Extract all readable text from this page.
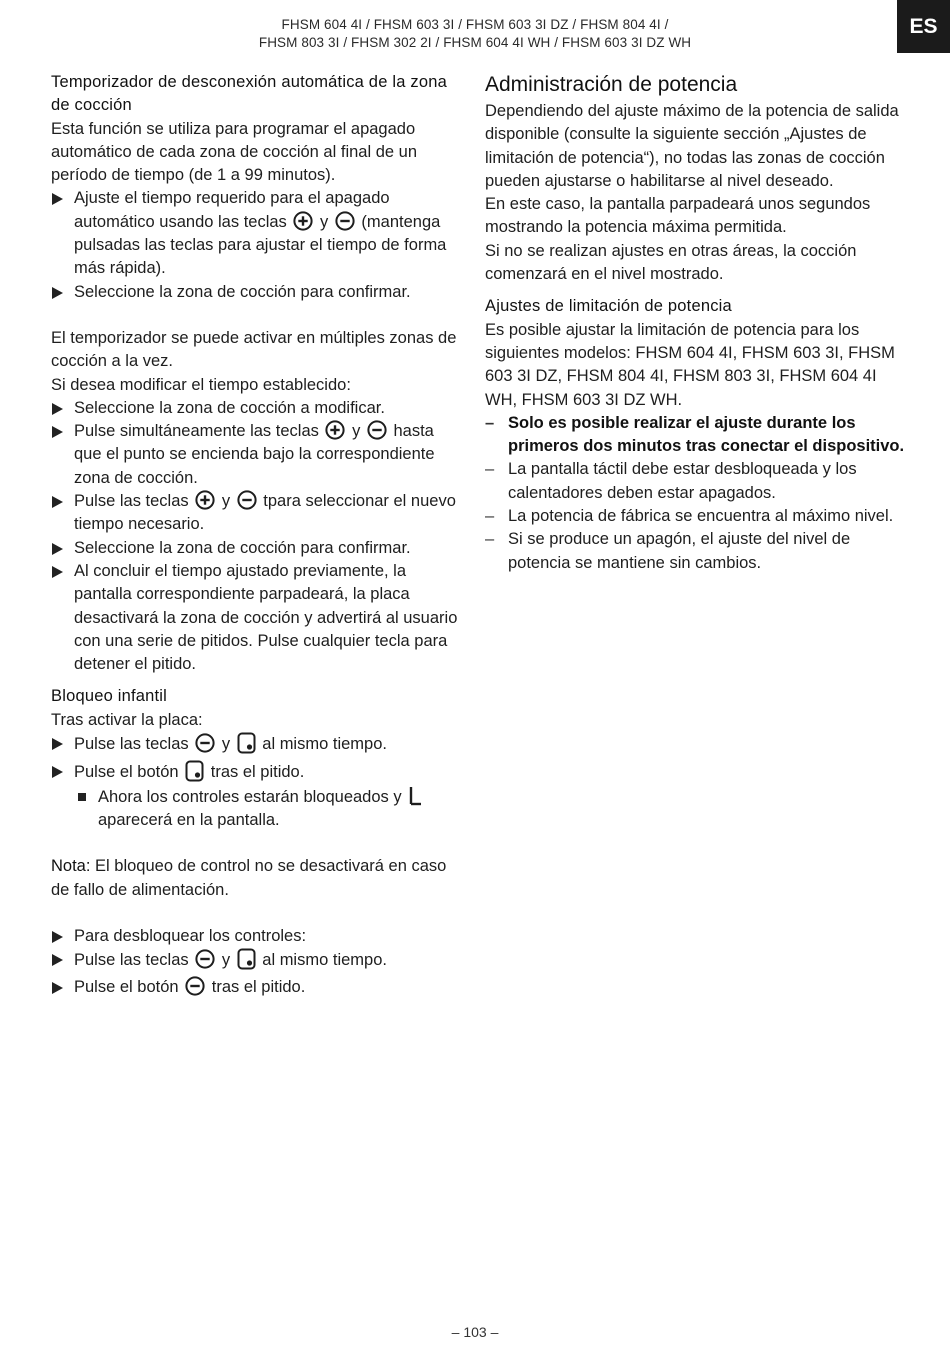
FHSM 604 4I / FHSM 603 3I / FHSM 603 3I DZ / FHSM 804 4I /
FHSM 803 3I / FHSM 302 2I / FHSM 604 4I WH / FHSM 603 3I DZ WH
ES

Temporizador de desconexión automática de la zona de cocción

Esta función se utiliza para programar el apagado automático de cada zona de cocción al final de un período de tiempo (de 1 a 99 minutos).

Ajuste el tiempo requerido para el apagado automático usando las teclas y (mantenga pulsadas las teclas para ajustar el tiempo de forma más rápida).
Seleccione la zona de cocción para confirmar.

El temporizador se puede activar en múltiples zonas de cocción a la vez.

Si desea modificar el tiempo establecido:

Seleccione la zona de cocción a modificar.
Pulse simultáneamente las teclas y hasta que el punto se encienda bajo la correspondiente zona de cocción.
Pulse las teclas y tpara seleccionar el nuevo tiempo necesario.
Seleccione la zona de cocción para confirmar.
Al concluir el tiempo ajustado previamente, la pantalla correspondiente parpadeará, la placa desactivará la zona de cocción y advertirá al usuario con una serie de pitidos. Pulse cualquier tecla para detener el pitido.

Bloqueo infantil

Tras activar la placa:

Pulse las teclas y al mismo tiempo.
Pulse el botón tras el pitido.
Ahora los controles estarán bloqueados y
aparecerá en la pantalla.

Nota: El bloqueo de control no se desactivará en caso de fallo de alimentación.

Para desbloquear los controles:
Pulse las teclas y al mismo tiempo.
Pulse el botón tras el pitido.

Administración de potencia

Dependiendo del ajuste máximo de la potencia de salida disponible (consulte la siguiente sección „Ajustes de limitación de potencia“), no todas las zonas de cocción pueden ajustarse o habilitarse al nivel deseado.

En este caso, la pantalla parpadeará unos segundos mostrando la potencia máxima permitida.

Si no se realizan ajustes en otras áreas, la cocción comenzará en el nivel mostrado.

Ajustes de limitación de potencia

Es posible ajustar la limitación de potencia para los siguientes modelos: FHSM 604 4I, FHSM 603 3I, FHSM 603 3I DZ, FHSM 804 4I, FHSM 803 3I, FHSM 604 4I WH, FHSM 603 3I DZ WH.

– Solo es posible realizar el ajuste durante los primeros dos minutos tras conectar el dispositivo.
– La pantalla táctil debe estar desbloqueada y los calentadores deben estar apagados.
– La potencia de fábrica se encuentra al máximo nivel.
– Si se produce un apagón, el ajuste del nivel de potencia se mantiene sin cambios.
– 103 –
